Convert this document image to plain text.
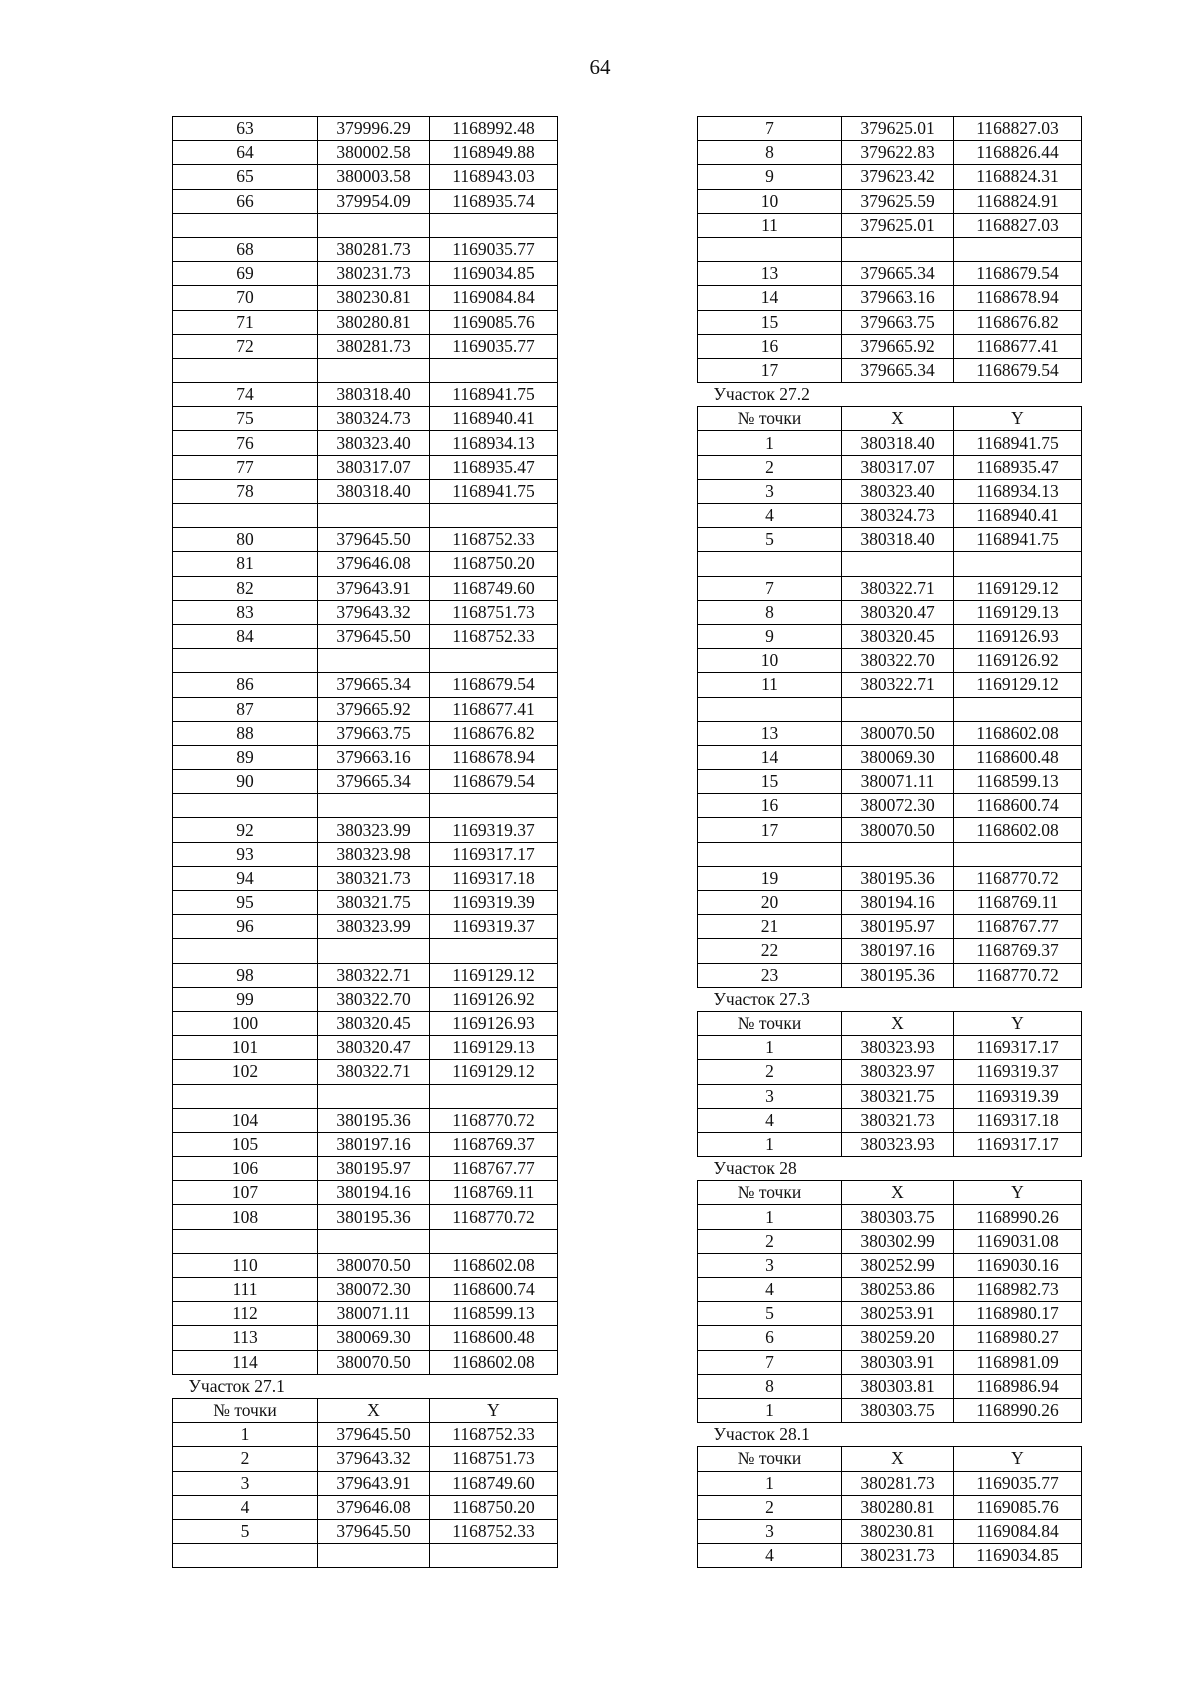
64
63	379996.29	1168992.48
64	380002.58	1168949.88
65	380003.58	1168943.03
66	379954.09	1168935.74

68	380281.73	1169035.77
69	380231.73	1169034.85
70	380230.81	1169084.84
71	380280.81	1169085.76
72	380281.73	1169035.77

74	380318.40	1168941.75
75	380324.73	1168940.41
76	380323.40	1168934.13
77	380317.07	1168935.47
78	380318.40	1168941.75

80	379645.50	1168752.33
81	379646.08	1168750.20
82	379643.91	1168749.60
83	379643.32	1168751.73
84	379645.50	1168752.33

86	379665.34	1168679.54
87	379665.92	1168677.41
88	379663.75	1168676.82
89	379663.16	1168678.94
90	379665.34	1168679.54

92	380323.99	1169319.37
93	380323.98	1169317.17
94	380321.73	1169317.18
95	380321.75	1169319.39
96	380323.99	1169319.37

98	380322.71	1169129.12
99	380322.70	1169126.92
100	380320.45	1169126.93
101	380320.47	1169129.13
102	380322.71	1169129.12

104	380195.36	1168770.72
105	380197.16	1168769.37
106	380195.97	1168767.77
107	380194.16	1168769.11
108	380195.36	1168770.72

110	380070.50	1168602.08
111	380072.30	1168600.74
112	380071.11	1168599.13
113	380069.30	1168600.48
114	380070.50	1168602.08
Участок 27.1		
№ точки	X	Y
1	379645.50	1168752.33
2	379643.32	1168751.73
3	379643.91	1168749.60
4	379646.08	1168750.20
5	379645.50	1168752.33

7	379625.01	1168827.03
8	379622.83	1168826.44
9	379623.42	1168824.31
10	379625.59	1168824.91
11	379625.01	1168827.03

13	379665.34	1168679.54
14	379663.16	1168678.94
15	379663.75	1168676.82
16	379665.92	1168677.41
17	379665.34	1168679.54
Участок 27.2		
№ точки	X	Y
1	380318.40	1168941.75
2	380317.07	1168935.47
3	380323.40	1168934.13
4	380324.73	1168940.41
5	380318.40	1168941.75

7	380322.71	1169129.12
8	380320.47	1169129.13
9	380320.45	1169126.93
10	380322.70	1169126.92
11	380322.71	1169129.12

13	380070.50	1168602.08
14	380069.30	1168600.48
15	380071.11	1168599.13
16	380072.30	1168600.74
17	380070.50	1168602.08

19	380195.36	1168770.72
20	380194.16	1168769.11
21	380195.97	1168767.77
22	380197.16	1168769.37
23	380195.36	1168770.72
Участок 27.3		
№ точки	X	Y
1	380323.93	1169317.17
2	380323.97	1169319.37
3	380321.75	1169319.39
4	380321.73	1169317.18
1	380323.93	1169317.17
Участок 28		
№ точки	X	Y
1	380303.75	1168990.26
2	380302.99	1169031.08
3	380252.99	1169030.16
4	380253.86	1168982.73
5	380253.91	1168980.17
6	380259.20	1168980.27
7	380303.91	1168981.09
8	380303.81	1168986.94
1	380303.75	1168990.26
Участок 28.1		
№ точки	X	Y
1	380281.73	1169035.77
2	380280.81	1169085.76
3	380230.81	1169084.84
4	380231.73	1169034.85
